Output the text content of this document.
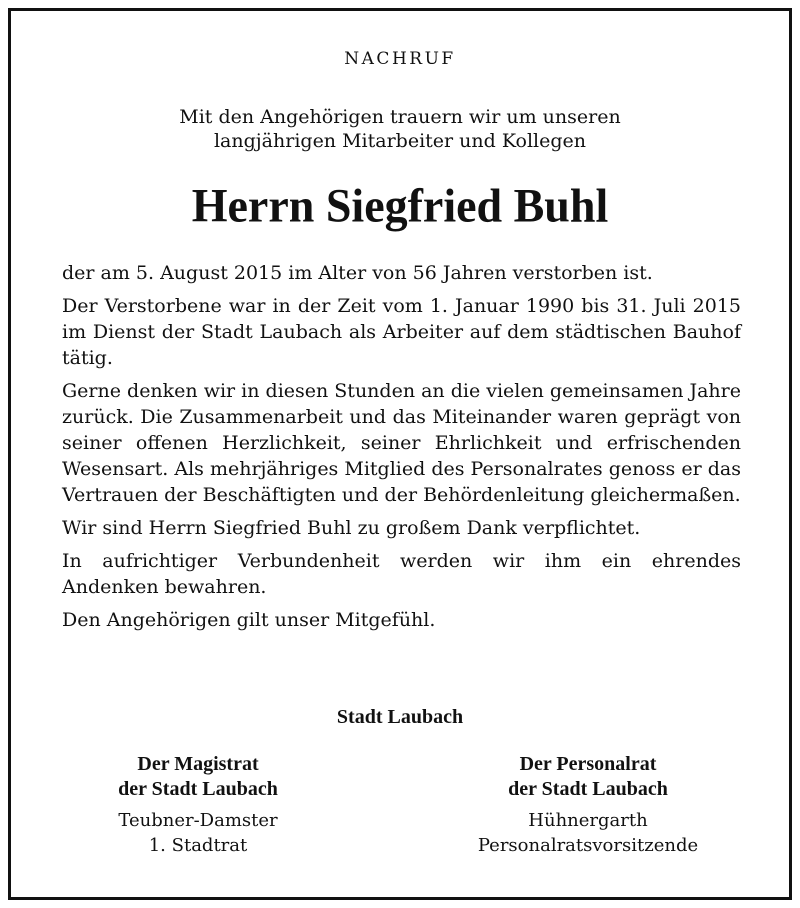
NACHRUF
Mit den Angehörigen trauern wir um unseren
langjährigen Mitarbeiter und Kollegen
Herrn Siegfried Buhl

der am 5. August 2015 im Alter von 56 Jahren verstorben ist.

Der Verstorbene war in der Zeit vom 1. Januar 1990 bis 31. Juli 2015 im Dienst der Stadt Laubach als Arbeiter auf dem städtischen Bauhof tätig.

Gerne denken wir in diesen Stunden an die vielen gemeinsamen Jahre zurück. Die Zusammenarbeit und das Miteinander waren geprägt von seiner offenen Herzlichkeit, seiner Ehrlichkeit und erfrischenden Wesensart. Als mehrjähriges Mitglied des Personalrates genoss er das Vertrauen der Beschäftigten und der Behördenleitung gleichermaßen.

Wir sind Herrn Siegfried Buhl zu großem Dank verpflichtet.

In aufrichtiger Verbundenheit werden wir ihm ein ehrendes Andenken bewahren.

Den Angehörigen gilt unser Mitgefühl.

Stadt Laubach
Der Magistrat
der Stadt Laubach
Teubner-Damster
1. Stadtrat
Der Personalrat
der Stadt Laubach
Hühnergarth
Personalratsvorsitzende
